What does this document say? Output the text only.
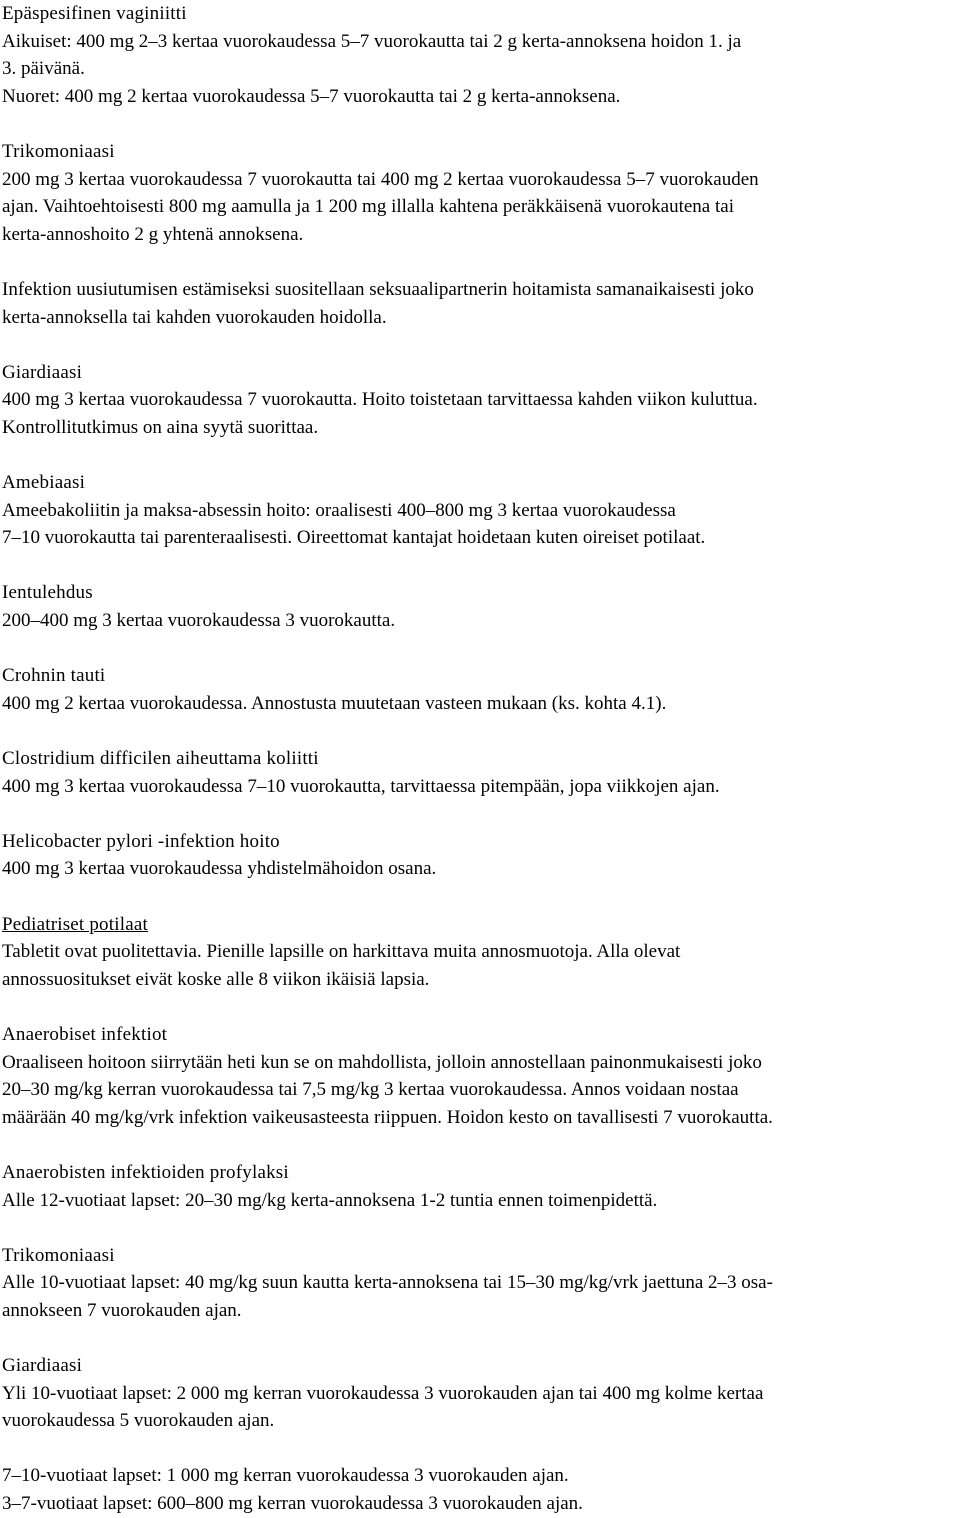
Epäspesifinen vaginiitti

Aikuiset: 400 mg 2–3 kertaa vuorokaudessa 5–7 vuorokautta tai 2 g kerta-annoksena hoidon 1. ja
3. päivänä.
Nuoret: 400 mg 2 kertaa vuorokaudessa 5–7 vuorokautta tai 2 g kerta-annoksena.

Trikomoniaasi

200 mg 3 kertaa vuorokaudessa 7 vuorokautta tai 400 mg 2 kertaa vuorokaudessa 5–7 vuorokauden
ajan. Vaihtoehtoisesti 800 mg aamulla ja 1 200 mg illalla kahtena peräkkäisenä vuorokautena tai
kerta-annoshoito 2 g yhtenä annoksena.
Infektion uusiutumisen estämiseksi suositellaan seksuaalipartnerin hoitamista samanaikaisesti joko
kerta-annoksella tai kahden vuorokauden hoidolla.

Giardiaasi

400 mg 3 kertaa vuorokaudessa 7 vuorokautta. Hoito toistetaan tarvittaessa kahden viikon kuluttua.
Kontrollitutkimus on aina syytä suorittaa.

Amebiaasi

Ameebakoliitin ja maksa-absessin hoito: oraalisesti 400–800 mg 3 kertaa vuorokaudessa
7–10 vuorokautta tai parenteraalisesti. Oireettomat kantajat hoidetaan kuten oireiset potilaat.

Ientulehdus

200–400 mg 3 kertaa vuorokaudessa 3 vuorokautta.

Crohnin tauti

400 mg 2 kertaa vuorokaudessa. Annostusta muutetaan vasteen mukaan (ks. kohta 4.1).

Clostridium difficilen aiheuttama koliitti

400 mg 3 kertaa vuorokaudessa 7–10 vuorokautta, tarvittaessa pitempään, jopa viikkojen ajan.

Helicobacter pylori -infektion hoito

400 mg 3 kertaa vuorokaudessa yhdistelmähoidon osana.

Pediatriset potilaat

Tabletit ovat puolitettavia. Pienille lapsille on harkittava muita annosmuotoja. Alla olevat
annossuositukset eivät koske alle 8 viikon ikäisiä lapsia.

Anaerobiset infektiot

Oraaliseen hoitoon siirrytään heti kun se on mahdollista, jolloin annostellaan painonmukaisesti joko
20–30 mg/kg kerran vuorokaudessa tai 7,5 mg/kg 3 kertaa vuorokaudessa. Annos voidaan nostaa
määrään 40 mg/kg/vrk infektion vaikeusasteesta riippuen. Hoidon kesto on tavallisesti 7 vuorokautta.

Anaerobisten infektioiden profylaksi

Alle 12-vuotiaat lapset: 20–30 mg/kg kerta-annoksena 1-2 tuntia ennen toimenpidettä.

Trikomoniaasi

Alle 10-vuotiaat lapset: 40 mg/kg suun kautta kerta-annoksena tai 15–30 mg/kg/vrk jaettuna 2–3 osa-
annokseen 7 vuorokauden ajan.

Giardiaasi

Yli 10-vuotiaat lapset: 2 000 mg kerran vuorokaudessa 3 vuorokauden ajan tai 400 mg kolme kertaa
vuorokaudessa 5 vuorokauden ajan.
7–10-vuotiaat lapset: 1 000 mg kerran vuorokaudessa 3 vuorokauden ajan.
3–7-vuotiaat lapset: 600–800 mg kerran vuorokaudessa 3 vuorokauden ajan.
